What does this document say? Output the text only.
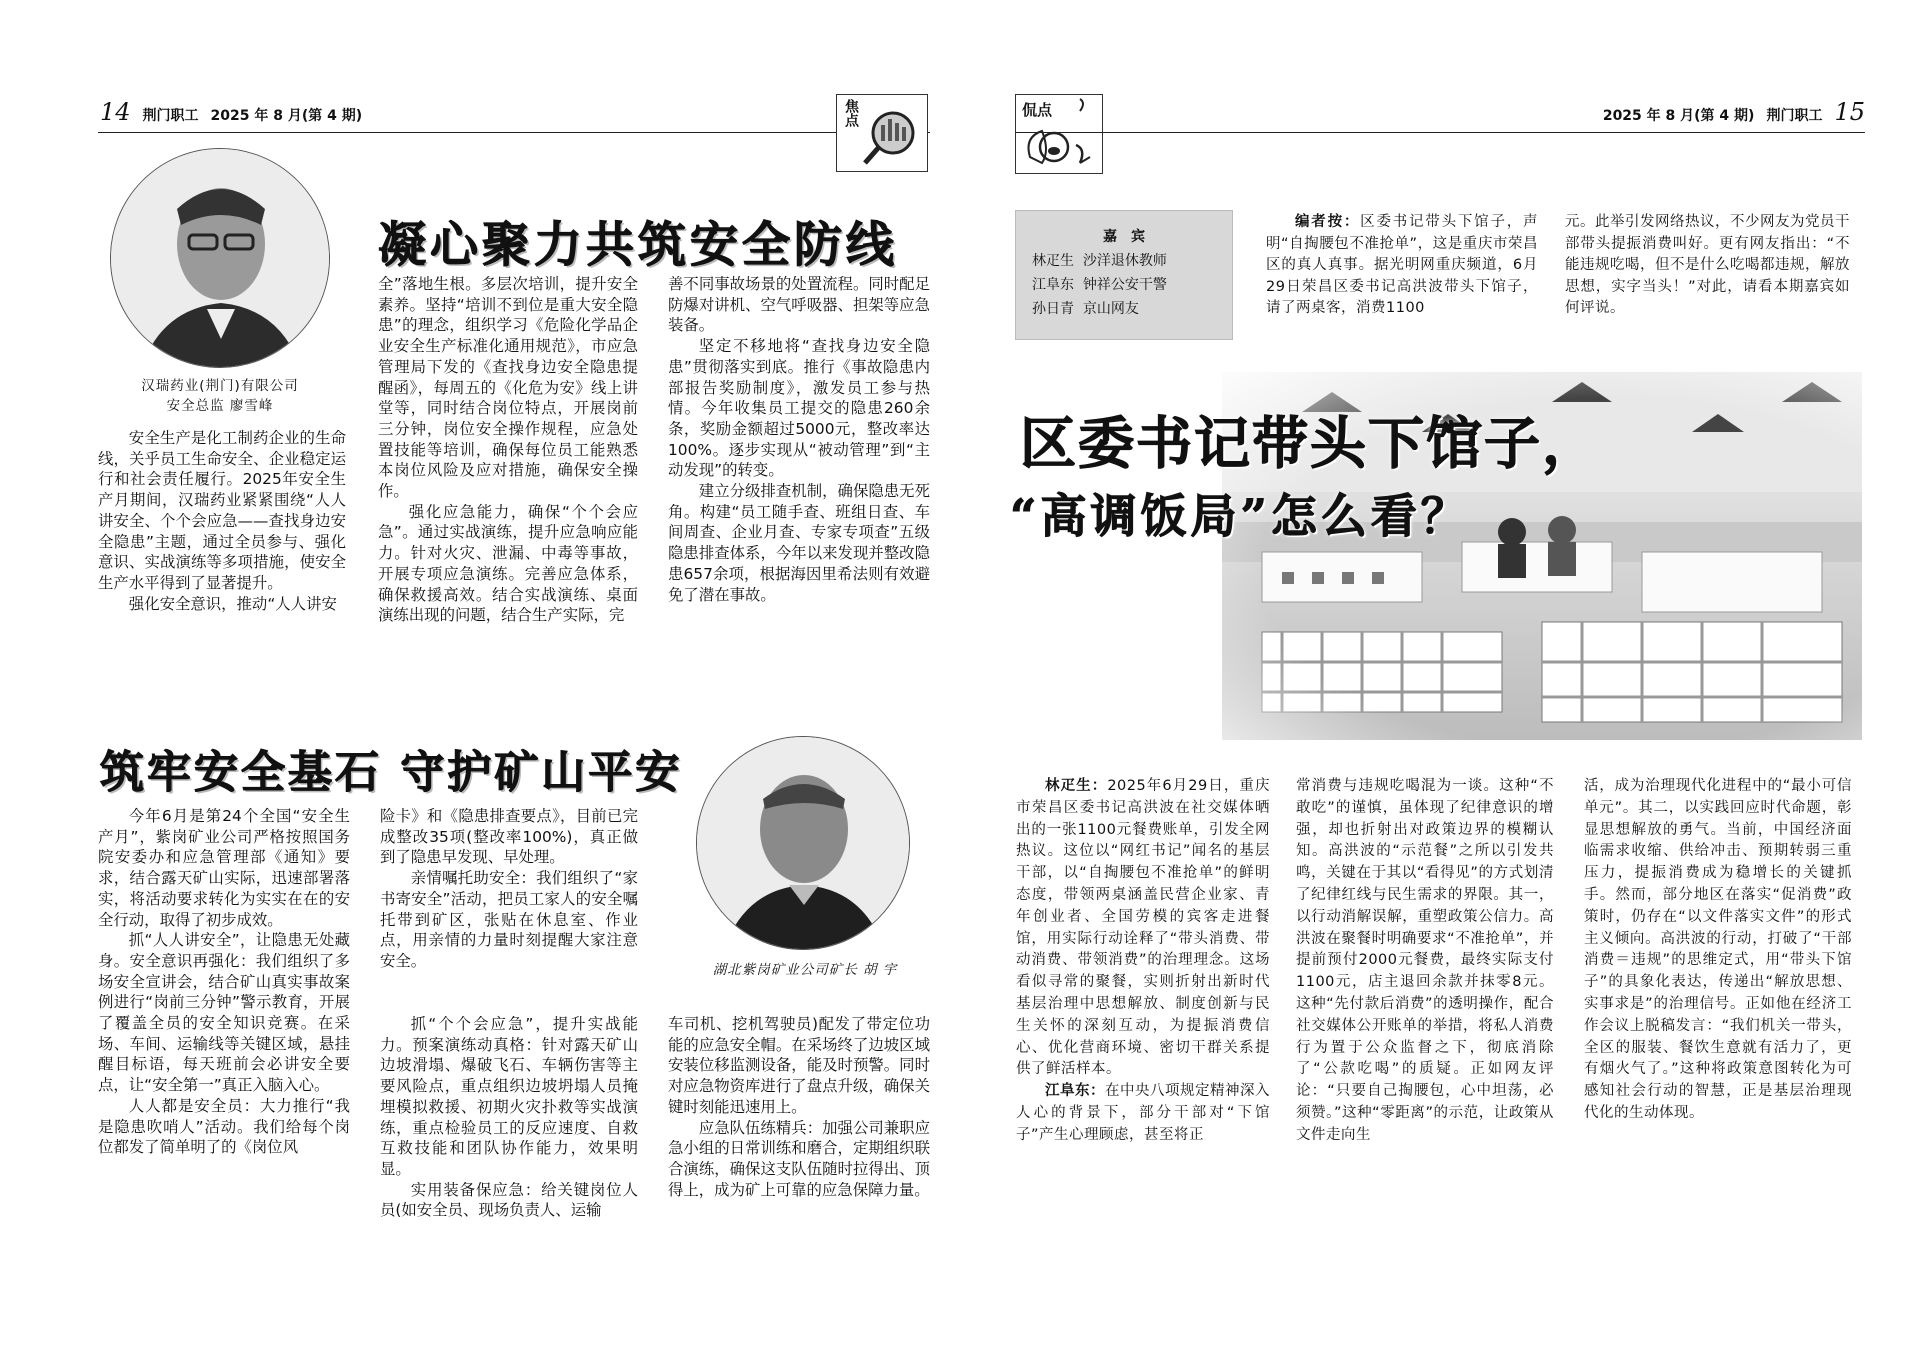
14 荆门职工 2025 年 8 月(第 4 期)	焦点	侃点	2025 年 8 月(第 4 期) 荆门职工 15
汉瑞药业(荆门)有限公司
安全总监 廖雪峰
凝心聚力共筑安全防线

安全生产是化工制药企业的生命线，关乎员工生命安全、企业稳定运行和社会责任履行。2025年安全生产月期间，汉瑞药业紧紧围绕“人人讲安全、个个会应急——查找身边安全隐患”主题，通过全员参与、强化意识、实战演练等多项措施，使安全生产水平得到了显著提升。

强化安全意识，推动“人人讲安

全”落地生根。多层次培训，提升安全素养。坚持“培训不到位是重大安全隐患”的理念，组织学习《危险化学品企业安全生产标准化通用规范》，市应急管理局下发的《查找身边安全隐患提醒函》，每周五的《化危为安》线上讲堂等，同时结合岗位特点，开展岗前三分钟，岗位安全操作规程，应急处置技能等培训，确保每位员工能熟悉本岗位风险及应对措施，确保安全操作。

强化应急能力，确保“个个会应急”。通过实战演练，提升应急响应能力。针对火灾、泄漏、中毒等事故，开展专项应急演练。完善应急体系，确保救援高效。结合实战演练、桌面演练出现的问题，结合生产实际，完

善不同事故场景的处置流程。同时配足防爆对讲机、空气呼吸器、担架等应急装备。

坚定不移地将“查找身边安全隐患”贯彻落实到底。推行《事故隐患内部报告奖励制度》，激发员工参与热情。今年收集员工提交的隐患260余条，奖励金额超过5000元，整改率达100%。逐步实现从“被动管理”到“主动发现”的转变。

建立分级排查机制，确保隐患无死角。构建“员工随手查、班组日查、车间周查、企业月查、专家专项查”五级隐患排查体系，今年以来发现并整改隐患657余项，根据海因里希法则有效避免了潜在事故。

筑牢安全基石 守护矿山平安
湖北紫岗矿业公司矿长 胡 宇

今年6月是第24个全国“安全生产月”，紫岗矿业公司严格按照国务院安委办和应急管理部《通知》要求，结合露天矿山实际，迅速部署落实，将活动要求转化为实实在在的安全行动，取得了初步成效。

抓“人人讲安全”，让隐患无处藏身。安全意识再强化：我们组织了多场安全宣讲会，结合矿山真实事故案例进行“岗前三分钟”警示教育，开展了覆盖全员的安全知识竞赛。在采场、车间、运输线等关键区域，悬挂醒目标语，每天班前会必讲安全要点，让“安全第一”真正入脑入心。

人人都是安全员：大力推行“我是隐患吹哨人”活动。我们给每个岗位都发了简单明了的《岗位风

险卡》和《隐患排查要点》，目前已完成整改35项(整改率100%)，真正做到了隐患早发现、早处理。

亲情嘱托助安全：我们组织了“家书寄安全”活动，把员工家人的安全嘱托带到矿区，张贴在休息室、作业点，用亲情的力量时刻提醒大家注意安全。

抓“个个会应急”，提升实战能力。预案演练动真格：针对露天矿山边坡滑塌、爆破飞石、车辆伤害等主要风险点，重点组织边坡坍塌人员掩埋模拟救援、初期火灾扑救等实战演练，重点检验员工的反应速度、自救互救技能和团队协作能力，效果明显。

实用装备保应急：给关键岗位人员(如安全员、现场负责人、运输

车司机、挖机驾驶员)配发了带定位功能的应急安全帽。在采场终了边坡区域安装位移监测设备，能及时预警。同时对应急物资库进行了盘点升级，确保关键时刻能迅速用上。

应急队伍练精兵：加强公司兼职应急小组的日常训练和磨合，定期组织联合演练，确保这支队伍随时拉得出、顶得上，成为矿上可靠的应急保障力量。

嘉　宾
林疋生 沙洋退休教师
江阜东 钟祥公安干警
孙日青 京山网友

编者按：区委书记带头下馆子，声明“自掏腰包不准抢单”，这是重庆市荣昌区的真人真事。据光明网重庆频道，6月29日荣昌区委书记高洪波带头下馆子，请了两桌客，消费1100

元。此举引发网络热议，不少网友为党员干部带头提振消费叫好。更有网友指出：“不能违规吃喝，但不是什么吃喝都违规，解放思想，实字当头！”对此，请看本期嘉宾如何评说。

区委书记带头下馆子，
“高调饭局”怎么看？

林疋生：2025年6月29日，重庆市荣昌区委书记高洪波在社交媒体晒出的一张1100元餐费账单，引发全网热议。这位以“网红书记”闻名的基层干部，以“自掏腰包不准抢单”的鲜明态度，带领两桌涵盖民营企业家、青年创业者、全国劳模的宾客走进餐馆，用实际行动诠释了“带头消费、带动消费、带领消费”的治理理念。这场看似寻常的聚餐，实则折射出新时代基层治理中思想解放、制度创新与民生关怀的深刻互动，为提振消费信心、优化营商环境、密切干群关系提供了鲜活样本。

江阜东：在中央八项规定精神深入人心的背景下，部分干部对“下馆子”产生心理顾虑，甚至将正

常消费与违规吃喝混为一谈。这种“不敢吃”的谨慎，虽体现了纪律意识的增强，却也折射出对政策边界的模糊认知。高洪波的“示范餐”之所以引发共鸣，关键在于其以“看得见”的方式划清了纪律红线与民生需求的界限。其一，以行动消解误解，重塑政策公信力。高洪波在聚餐时明确要求“不准抢单”，并提前预付2000元餐费，最终实际支付1100元，店主退回余款并抹零8元。这种“先付款后消费”的透明操作，配合社交媒体公开账单的举措，将私人消费行为置于公众监督之下，彻底消除了“公款吃喝”的质疑。正如网友评论：“只要自己掏腰包，心中坦荡，必须赞。”这种“零距离”的示范，让政策从文件走向生

活，成为治理现代化进程中的“最小可信单元”。其二，以实践回应时代命题，彰显思想解放的勇气。当前，中国经济面临需求收缩、供给冲击、预期转弱三重压力，提振消费成为稳增长的关键抓手。然而，部分地区在落实“促消费”政策时，仍存在“以文件落实文件”的形式主义倾向。高洪波的行动，打破了“干部消费＝违规”的思维定式，用“带头下馆子”的具象化表达，传递出“解放思想、实事求是”的治理信号。正如他在经济工作会议上脱稿发言：“我们机关一带头，全区的服装、餐饮生意就有活力了，更有烟火气了。”这种将政策意图转化为可感知社会行动的智慧，正是基层治理现代化的生动体现。
